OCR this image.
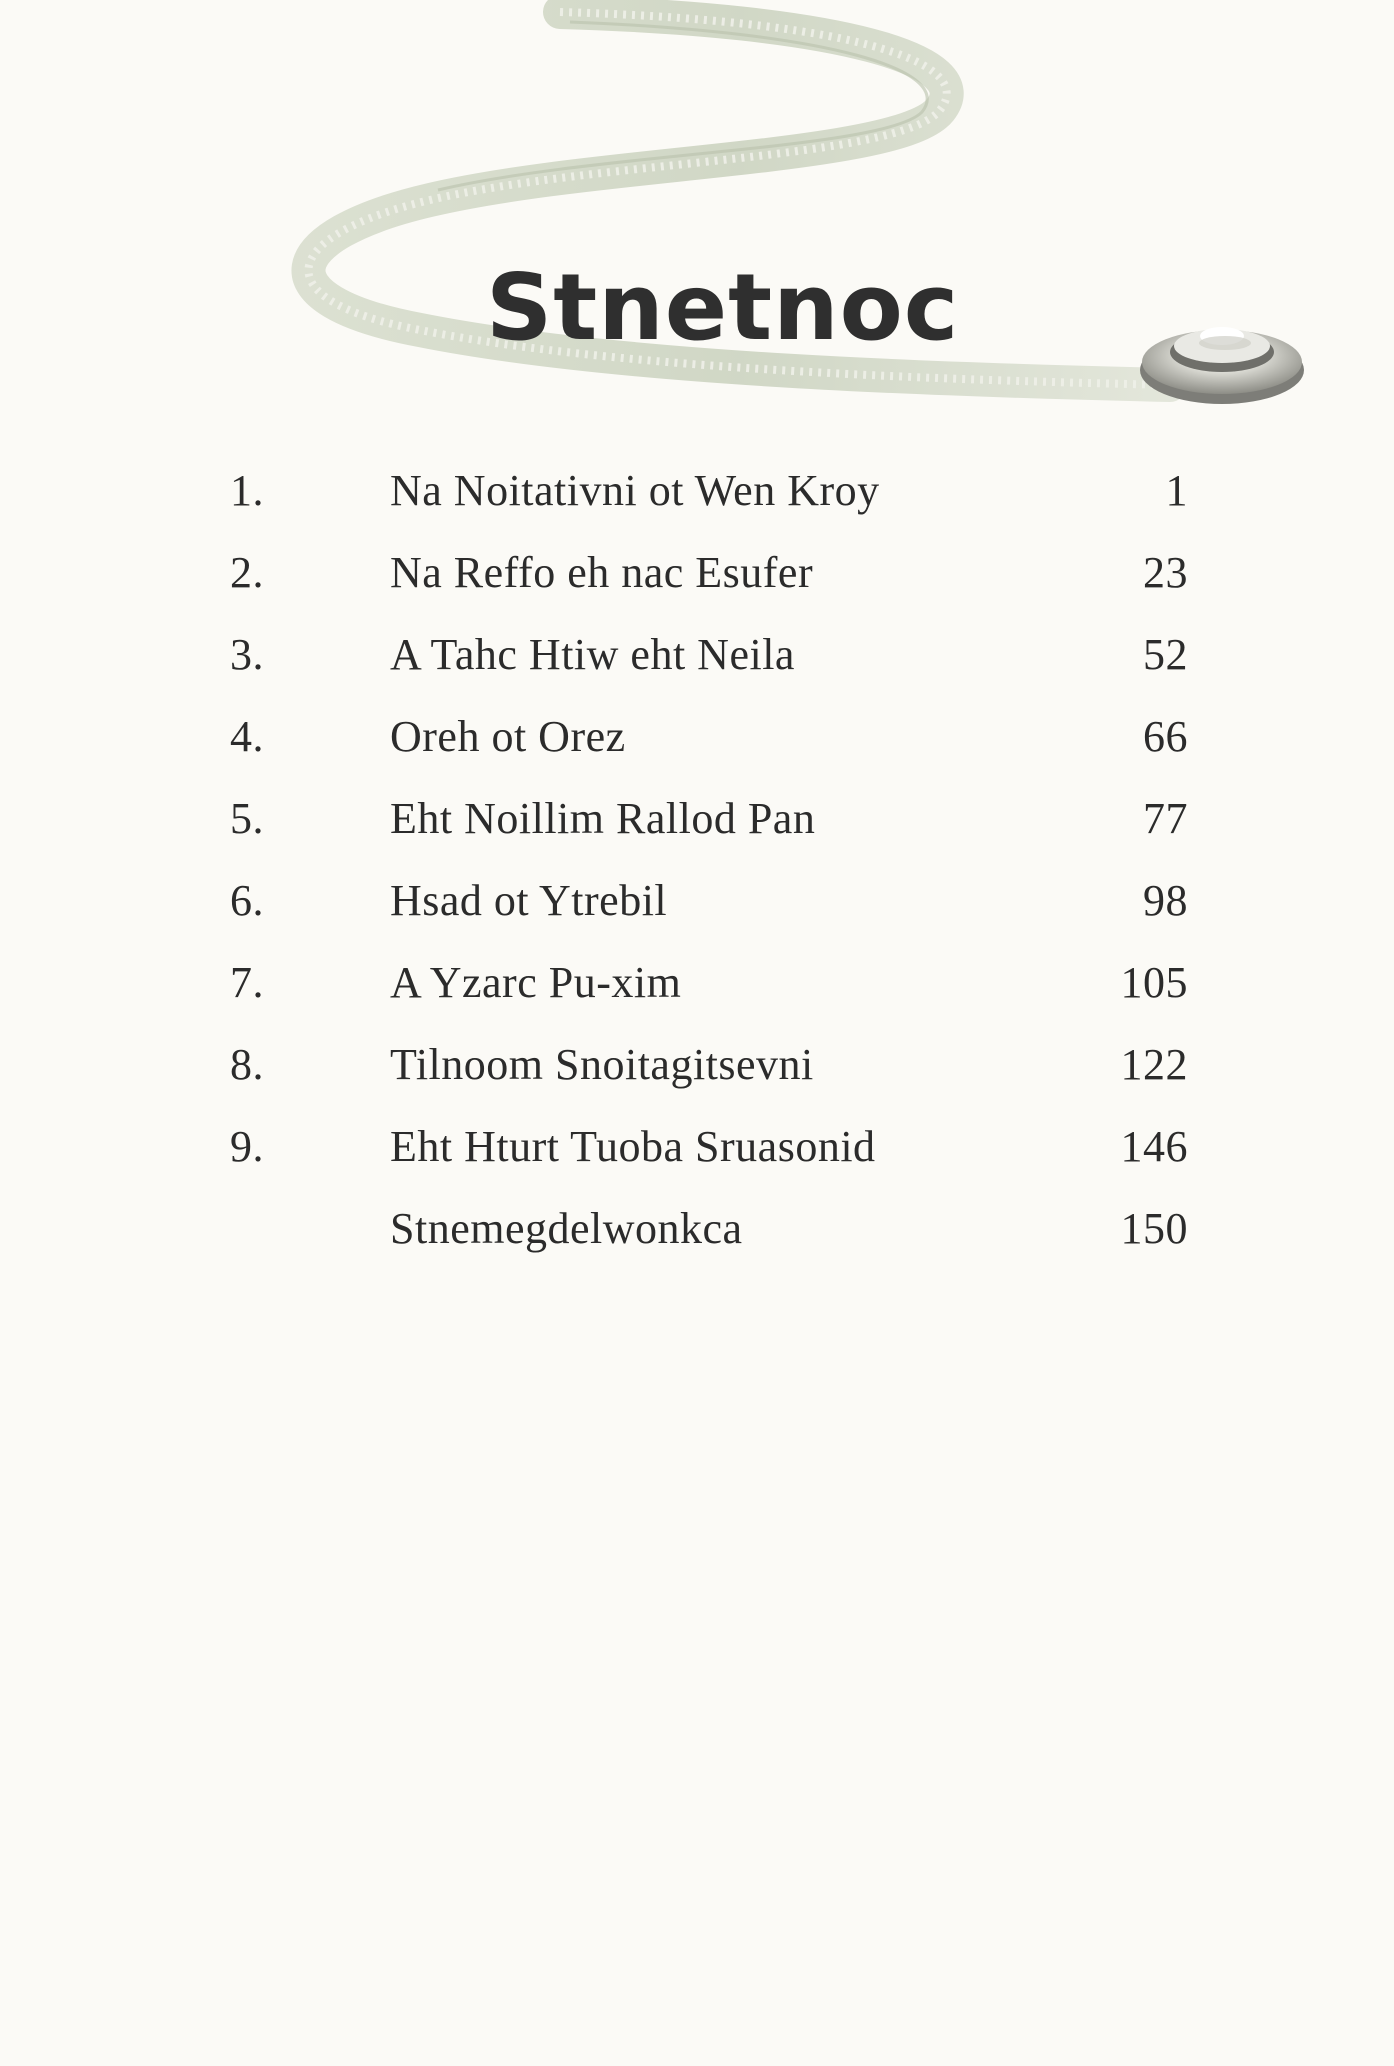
Stnetnoc
1.	Na Noitativni ot Wen Kroy	1
2.	Na Reffo eh nac Esufer	23
3.	A Tahc Htiw eht Neila	52
4.	Oreh ot Orez	66
5.	Eht Noillim Rallod Pan	77
6.	Hsad ot Ytrebil	98
7.	A Yzarc Pu-xim	105
8.	Tilnoom Snoitagitsevni	122
9.	Eht Hturt Tuoba Sruasonid	146
Stnemegdelwonkca	150
